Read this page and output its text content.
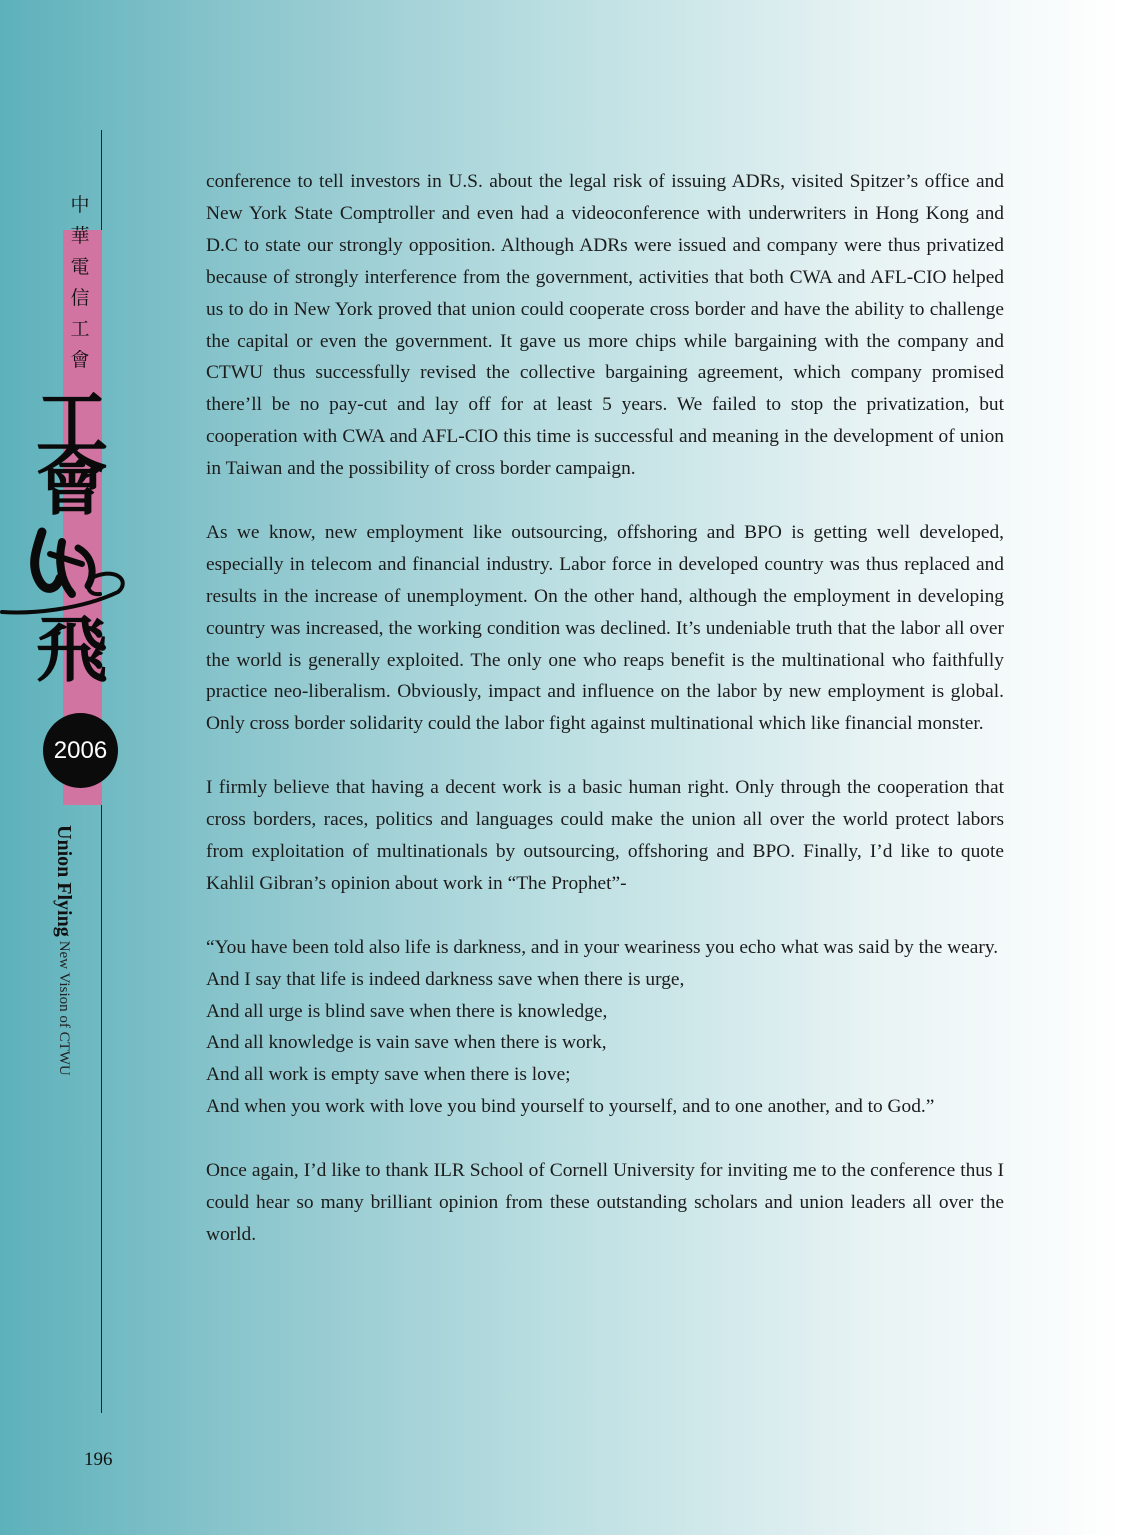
中
華
電
信
工
會
工
會
飛
2006
Union Flying New Vision of CTWU

conference to tell investors in U.S. about the legal risk of issuing ADRs, visited Spitzer’s office and New York State Comptroller and even had a videoconference with underwriters in Hong Kong and D.C to state our strongly opposition. Although ADRs were issued and company were thus privatized because of strongly interference from the government, activities that both CWA and AFL-CIO helped us to do in New York proved that union could cooperate cross border and have the ability to challenge the capital or even the government. It gave us more chips while bargaining with the company and CTWU thus successfully revised the collective bargaining agreement, which company promised there’ll be no pay-cut and lay off for at least 5 years. We failed to stop the privatization, but cooperation with CWA and AFL-CIO this time is successful and meaning in the development of union in Taiwan and the possibility of cross border campaign.

As we know, new employment like outsourcing, offshoring and BPO is getting well developed, especially in telecom and financial industry. Labor force in developed country was thus replaced and results in the increase of unemployment. On the other hand, although the employment in developing country was increased, the working condition was declined. It’s undeniable truth that the labor all over the world is generally exploited. The only one who reaps benefit is the multinational who faithfully practice neo-liberalism. Obviously, impact and influence on the labor by new employment is global. Only cross border solidarity could the labor fight against multinational which like financial monster.

I firmly believe that having a decent work is a basic human right. Only through the cooperation that cross borders, races, politics and languages could make the union all over the world protect labors from exploitation of multinationals by outsourcing, offshoring and BPO. Finally, I’d like to quote Kahlil Gibran’s opinion about work in “The Prophet”-

“You have been told also life is darkness, and in your weariness you echo what was said by the weary.
And I say that life is indeed darkness save when there is urge,
And all urge is blind save when there is knowledge,
And all knowledge is vain save when there is work,
And all work is empty save when there is love;
And when you work with love you bind yourself to yourself, and to one another, and to God.”

Once again, I’d like to thank ILR School of Cornell University for inviting me to the conference thus I could hear so many brilliant opinion from these outstanding scholars and union leaders all over the world.

196
